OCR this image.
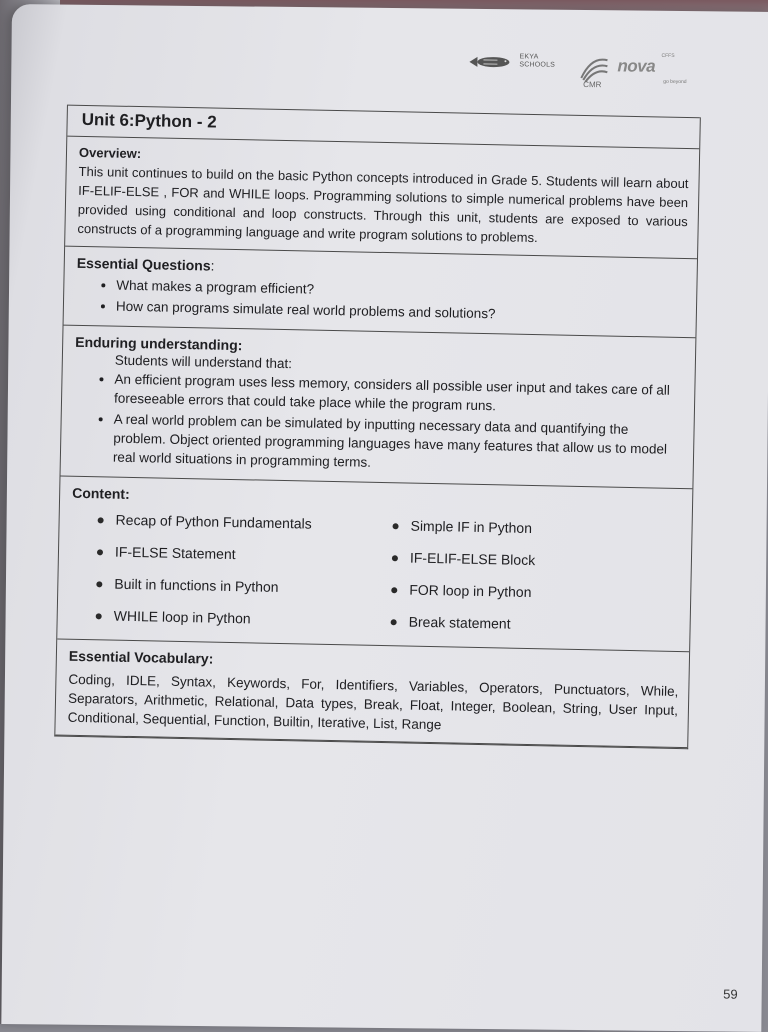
EKYA
SCHOOLS
CMR
nova
CFFS
go beyond
Unit 6:Python - 2
Overview:
This unit continues to build on the basic Python concepts introduced in Grade 5. Students will learn about IF-ELIF-ELSE , FOR and WHILE loops. Programming solutions to simple numerical problems have been provided using conditional and loop constructs. Through this unit, students are exposed to various constructs of a programming language and write program solutions to problems.
Essential Questions:
• What makes a program efficient?
• How can programs simulate real world problems and solutions?
Enduring understanding:
Students will understand that:
• An efficient program uses less memory, considers all possible user input and takes care of all foreseeable errors that could take place while the program runs.
• A real world problem can be simulated by inputting necessary data and quantifying the problem. Object oriented programming languages have many features that allow us to model real world situations in programming terms.
Content:
Recap of Python Fundamentals	Simple IF in Python
IF-ELSE Statement	IF-ELIF-ELSE Block
Built in functions in Python	FOR loop in Python
WHILE loop in Python	Break statement
Essential Vocabulary:
Coding, IDLE, Syntax, Keywords, For, Identifiers, Variables, Operators, Punctuators, While, Separators, Arithmetic, Relational, Data types, Break, Float, Integer, Boolean, String, User Input, Conditional, Sequential, Function, Builtin, Iterative, List, Range
59
